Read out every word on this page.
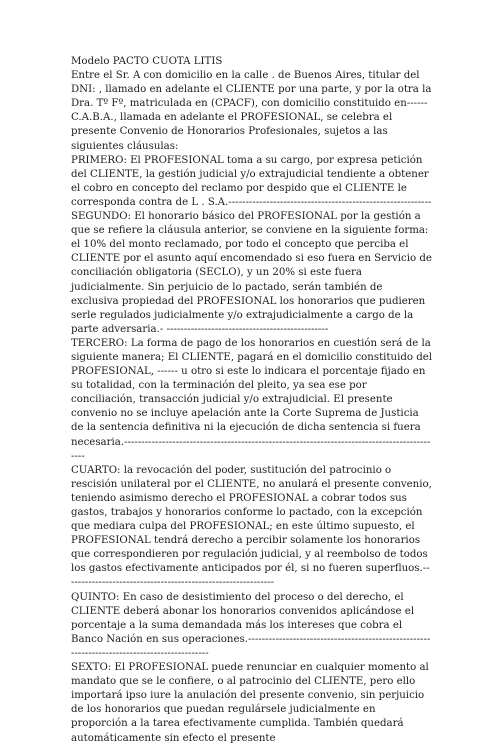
Modelo PACTO CUOTA LITIS

Entre el Sr. A con domicilio en la calle . de Buenos Aires, titular del DNI: , llamado en adelante el CLIENTE por una parte, y por la otra la Dra. Tº Fº, matriculada en (CPACF), con domicilio constituido en------ C.A.B.A., llamada en adelante el PROFESIONAL, se celebra el presente Convenio de Honorarios Profesionales, sujetos a las siguientes cláusulas:

PRIMERO: El PROFESIONAL toma a su cargo, por expresa petición del CLIENTE, la gestión judicial y/o extrajudicial tendiente a obtener el cobro en concepto del reclamo por despido que el CLIENTE le corresponda contra de L . S.A.-----------------------------------------------------------

SEGUNDO: El honorario básico del PROFESIONAL por la gestión a que se refiere la cláusula anterior, se conviene en la siguiente forma: el 10% del monto reclamado, por todo el concepto que perciba el CLIENTE por el asunto aquí encomendado si eso fuera en Servicio de conciliación obligatoria (SECLO), y un 20% si este fuera judicialmente. Sin perjuicio de lo pactado, serán también de exclusiva propiedad del PROFESIONAL los honorarios que pudieren serle regulados judicialmente y/o extrajudicialmente a cargo de la parte adversaria.- -----------------------------------------------

TERCERO: La forma de pago de los honorarios en cuestión será de la siguiente manera; El CLIENTE, pagará en el domicilio constituido del PROFESIONAL, ------ u otro si este lo indicara el porcentaje fijado en su totalidad, con la terminación del pleito, ya sea ese por conciliación, transacción judicial y/o extrajudicial. El presente convenio no se incluye apelación ante la Corte Suprema de Justicia de la sentencia definitiva ni la ejecución de dicha sentencia si fuera necesaria.---------------------------------------------------------------------------------------------

CUARTO: la revocación del poder, sustitución del patrocinio o rescisión unilateral por el CLIENTE, no anulará el presente convenio, teniendo asimismo derecho el PROFESIONAL a cobrar todos sus gastos, trabajos y honorarios conforme lo pactado, con la excepción que mediara culpa del PROFESIONAL; en este último supuesto, el PROFESIONAL tendrá derecho a percibir solamente los honorarios que correspondieren por regulación judicial, y al reembolso de todos los gastos efectivamente anticipados por él, si no fueren superfluos.-------------------------------------------------------------

QUINTO: En caso de desistimiento del proceso o del derecho, el CLIENTE deberá abonar los honorarios convenidos aplicándose el porcentaje a la suma demandada más los intereses que cobra el Banco Nación en sus operaciones.---------------------------------------------------------------------------------------------

SEXTO: El PROFESIONAL puede renunciar en cualquier momento al mandato que se le confiere, o al patrocinio del CLIENTE, pero ello importará ipso iure la anulación del presente convenio, sin perjuicio de los honorarios que puedan regulársele judicialmente en proporción a la tarea efectivamente cumplida. También quedará automáticamente sin efecto el presente
